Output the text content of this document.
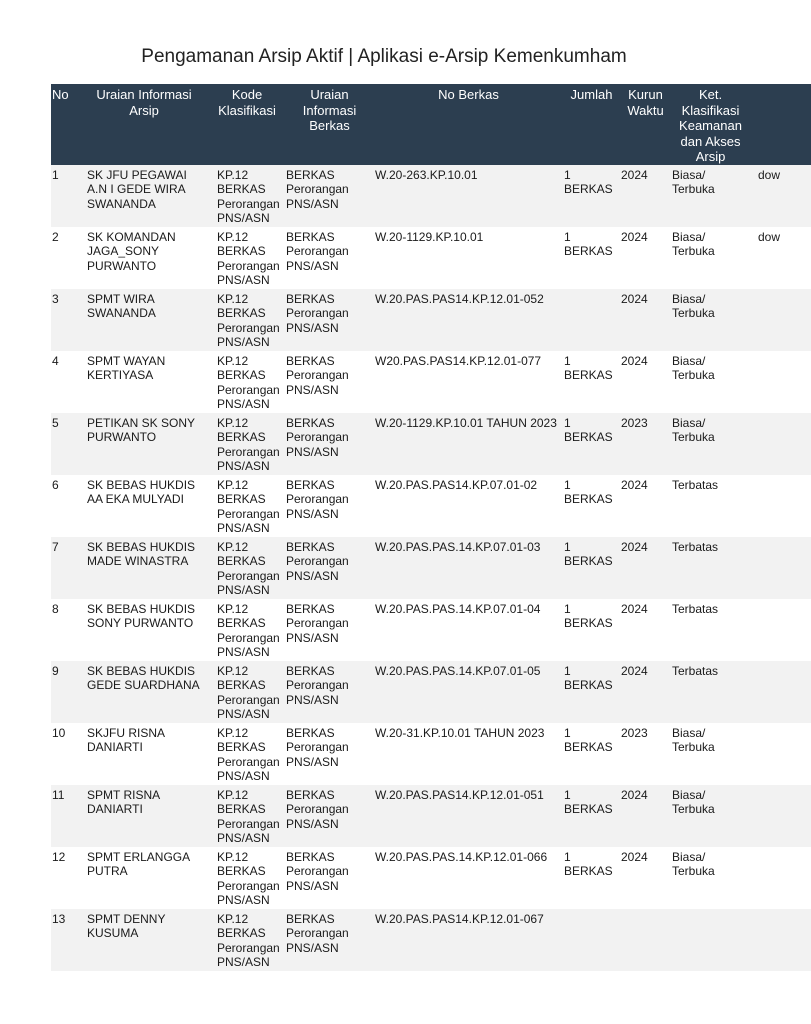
Pengamanan Arsip Aktif | Aplikasi e-Arsip Kemenkumham
No	Uraian Informasi Arsip	Kode Klasifikasi	Uraian Informasi Berkas	No Berkas	Jumlah	Kurun Waktu	Ket. Klasifikasi Keamanan dan Akses Arsip	
1	SK JFU PEGAWAI A.N I GEDE WIRA SWANANDA	KP.12 BERKAS Perorangan PNS/ASN	BERKAS Perorangan PNS/ASN	W.20-263.KP.10.01	1 BERKAS	2024	Biasa/ Terbuka	dow
2	SK KOMANDAN JAGA_SONY PURWANTO	KP.12 BERKAS Perorangan PNS/ASN	BERKAS Perorangan PNS/ASN	W.20-1129.KP.10.01	1 BERKAS	2024	Biasa/ Terbuka	dow
3	SPMT WIRA SWANANDA	KP.12 BERKAS Perorangan PNS/ASN	BERKAS Perorangan PNS/ASN	W.20.PAS.PAS14.KP.12.01-052		2024	Biasa/ Terbuka	
4	SPMT WAYAN KERTIYASA	KP.12 BERKAS Perorangan PNS/ASN	BERKAS Perorangan PNS/ASN	W20.PAS.PAS14.KP.12.01-077	1 BERKAS	2024	Biasa/ Terbuka	
5	PETIKAN SK SONY PURWANTO	KP.12 BERKAS Perorangan PNS/ASN	BERKAS Perorangan PNS/ASN	W.20-1129.KP.10.01 TAHUN 2023	1 BERKAS	2023	Biasa/ Terbuka	
6	SK BEBAS HUKDIS AA EKA MULYADI	KP.12 BERKAS Perorangan PNS/ASN	BERKAS Perorangan PNS/ASN	W.20.PAS.PAS14.KP.07.01-02	1 BERKAS	2024	Terbatas	
7	SK BEBAS HUKDIS MADE WINASTRA	KP.12 BERKAS Perorangan PNS/ASN	BERKAS Perorangan PNS/ASN	W.20.PAS.PAS.14.KP.07.01-03	1 BERKAS	2024	Terbatas	
8	SK BEBAS HUKDIS SONY PURWANTO	KP.12 BERKAS Perorangan PNS/ASN	BERKAS Perorangan PNS/ASN	W.20.PAS.PAS.14.KP.07.01-04	1 BERKAS	2024	Terbatas	
9	SK BEBAS HUKDIS GEDE SUARDHANA	KP.12 BERKAS Perorangan PNS/ASN	BERKAS Perorangan PNS/ASN	W.20.PAS.PAS.14.KP.07.01-05	1 BERKAS	2024	Terbatas	
10	SKJFU RISNA DANIARTI	KP.12 BERKAS Perorangan PNS/ASN	BERKAS Perorangan PNS/ASN	W.20-31.KP.10.01 TAHUN 2023	1 BERKAS	2023	Biasa/ Terbuka	
11	SPMT RISNA DANIARTI	KP.12 BERKAS Perorangan PNS/ASN	BERKAS Perorangan PNS/ASN	W.20.PAS.PAS14.KP.12.01-051	1 BERKAS	2024	Biasa/ Terbuka	
12	SPMT ERLANGGA PUTRA	KP.12 BERKAS Perorangan PNS/ASN	BERKAS Perorangan PNS/ASN	W.20.PAS.PAS.14.KP.12.01-066	1 BERKAS	2024	Biasa/ Terbuka	
13	SPMT DENNY KUSUMA	KP.12 BERKAS Perorangan PNS/ASN	BERKAS Perorangan PNS/ASN	W.20.PAS.PAS14.KP.12.01-067				
